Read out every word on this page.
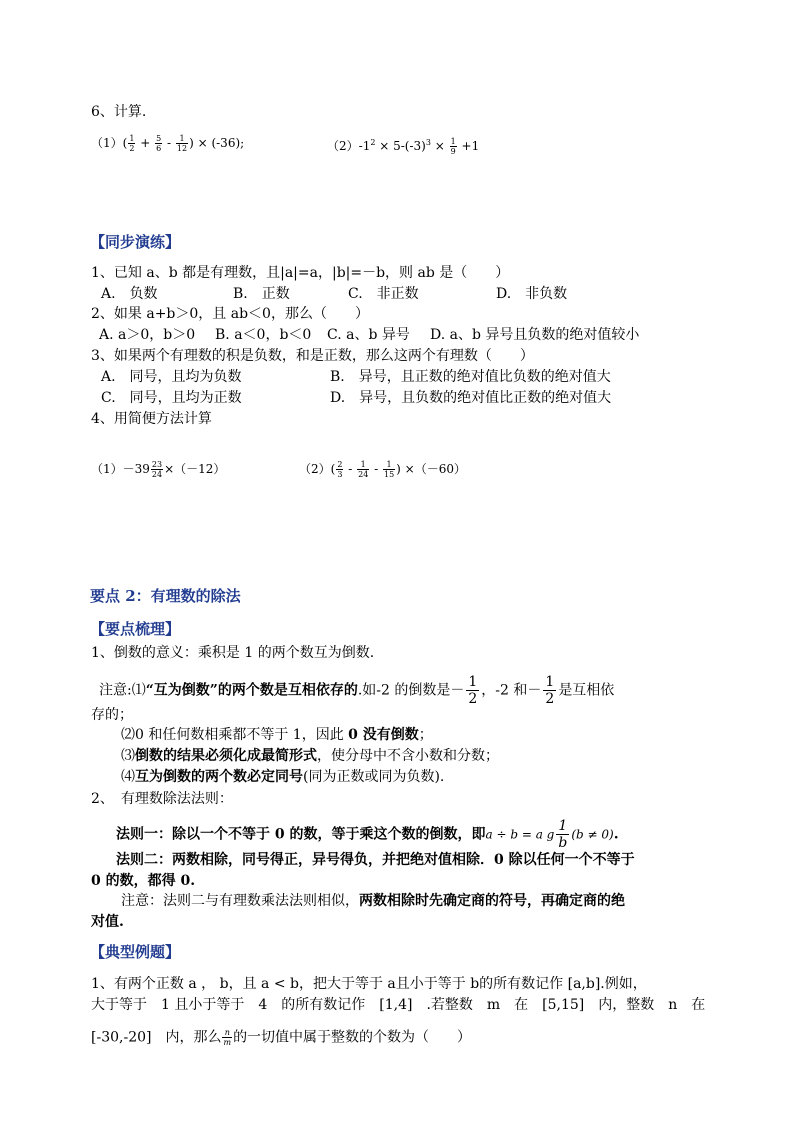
6、计算.
$(1)( \frac{1}{2} + \frac{5}{6} - \frac{1}{12}$ ) × (-36);	$(2)-1^2 \times 5-(-3)^3 \times \frac{1}{9} +1$
【同步演练】
1、已知 a、b 都是有理数，且|a|=a，|b|=－b，则 ab 是（　　）
A.　负数	B.　正数	C.　非正数	D.　非负数
2、如果 a+b＞0，且 ab＜0，那么（　　）
A. a＞0，b＞0 B. a＜0，b＜0 C. a、b 异号 D. a、b 异号且负数的绝对值较小
3、如果两个有理数的积是负数，和是正数，那么这两个有理数（　　）
A.　同号，且均为负数	B.　异号，且正数的绝对值比负数的绝对值大
C.　同号，且均为正数	D.　异号，且负数的绝对值比正数的绝对值大
4、用简便方法计算
$(1)-39 \frac{23}{24} \times(-12)$	$(2)( \frac{2}{3} - \frac{1}{24} - \frac{1}{15}$ ) ×（－60）
要点 2：有理数的除法
【要点梳理】
1、倒数的意义：乘积是 1 的两个数互为倒数.
注意:⑴“互为倒数”的两个数是互相依存的.如-2 的倒数是－ $\frac{1}{2}$ ，-2 和－ $\frac{1}{2}$ 是互相依
存的；
⑵0 和任何数相乘都不等于 1，因此 0 没有倒数；
⑶倒数的结果必须化成最简形式，使分母中不含小数和分数；
⑷互为倒数的两个数必定同号(同为正数或同为负数).
2、　有理数除法法则：
法则一：除以一个不等于 0 的数，等于乘这个数的倒数，即a ÷ b = a g $\frac{1}{b} (b \ne 0)$.
法则二：两数相除，同号得正，异号得负，并把绝对值相除．0 除以任何一个不等于
0 的数，都得 0.
注意：法则二与有理数乘法法则相似，两数相除时先确定商的符号，再确定商的绝
对值.
【典型例题】
1、有两个正数 a ， b，且 a < b，把大于等于 a且小于等于 b的所有数记作 [a,b].例如，
大于等于　1 且小于等于　4　的所有数记作　[1,4]　.若整数　m　在　[5,15]　内，整数　n　在
[-30,-20]　内，那么 $\frac{n}{m}$ 的一切值中属于整数的个数为（　　）
